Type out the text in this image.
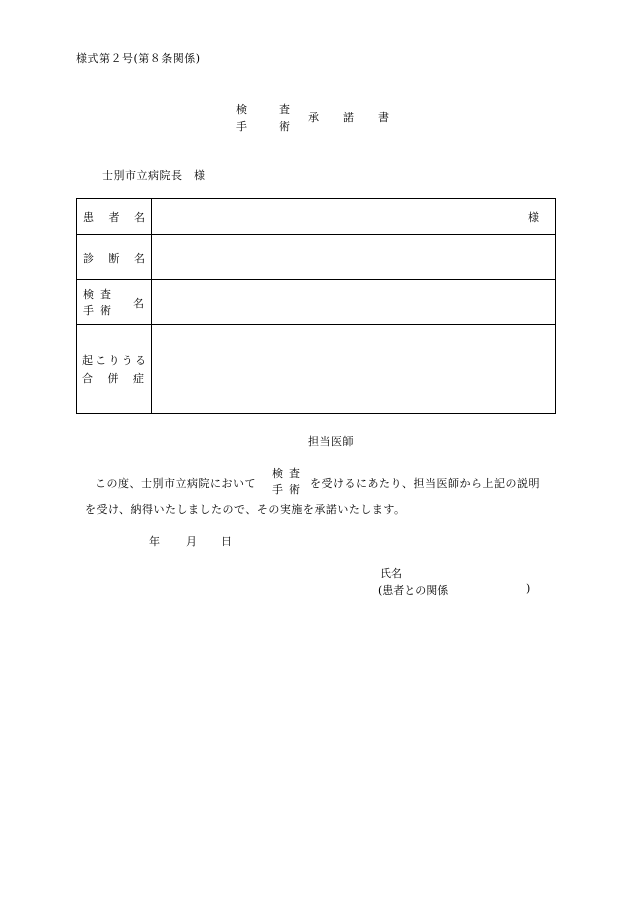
様式第２号(第８条関係)
検	査
手	術
承 諾 書
士別市立病院長　様
患 者 名	様
診 断 名
検 査
手 術
名
起 こ り う る
合 併 症
担当医師
この度、士別市立病院において
検 査
手 術 を受けるにあたり、担当医師から上記の説明
を受け、納得いたしましたので、その実施を承諾いたします。
年 月 日
氏名
(患者との関係	)
